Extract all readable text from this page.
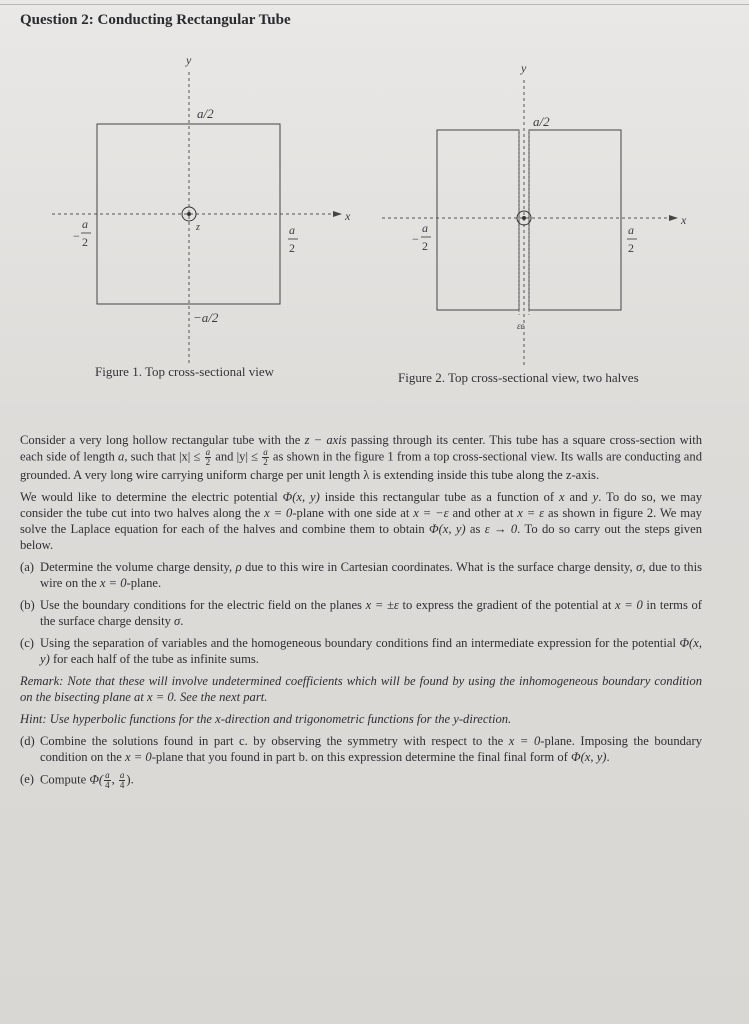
Question 2: Conducting Rectangular Tube
y
x
a/2
−a/2
z
−
a
2
a
2
Figure 1. Top cross-sectional view
y
x
a/2
εε
−
a
2
a
2
Figure 2. Top cross-sectional view, two halves

Consider a very long hollow rectangular tube with the z − axis passing through its center. This tube has a square cross-section with each side of length a, such that $|x| \le \frac{a}{2}$ and $|y| \le \frac{a}{2}$ as shown in the figure 1 from a top cross-sectional view. Its walls are conducting and grounded. A very long wire carrying uniform charge per unit length λ is extending inside this tube along the z-axis.

We would like to determine the electric potential Φ(x, y) inside this rectangular tube as a function of x and y. To do so, we may consider the tube cut into two halves along the x = 0-plane with one side at x = −ε and other at x = ε as shown in figure 2. We may solve the Laplace equation for each of the halves and combine them to obtain Φ(x, y) as ε → 0. To do so carry out the steps given below.

(a) Determine the volume charge density, ρ due to this wire in Cartesian coordinates. What is the surface charge density, σ, due to this wire on the x = 0-plane.
(b) Use the boundary conditions for the electric field on the planes x = ±ε to express the gradient of the potential at x = 0 in terms of the surface charge density σ.
(c) Using the separation of variables and the homogeneous boundary conditions find an intermediate expression for the potential Φ(x, y) for each half of the tube as infinite sums.

Remark: Note that these will involve undetermined coefficients which will be found by using the inhomogeneous boundary condition on the bisecting plane at x = 0. See the next part.

Hint: Use hyperbolic functions for the x-direction and trigonometric functions for the y-direction.

(d) Combine the solutions found in part c. by observing the symmetry with respect to the x = 0-plane. Imposing the boundary condition on the x = 0-plane that you found in part b. on this expression determine the final final form of Φ(x, y).
(e) Compute $\Phi( \frac{a}{4}$ , $\frac{a}{4}$ ).
